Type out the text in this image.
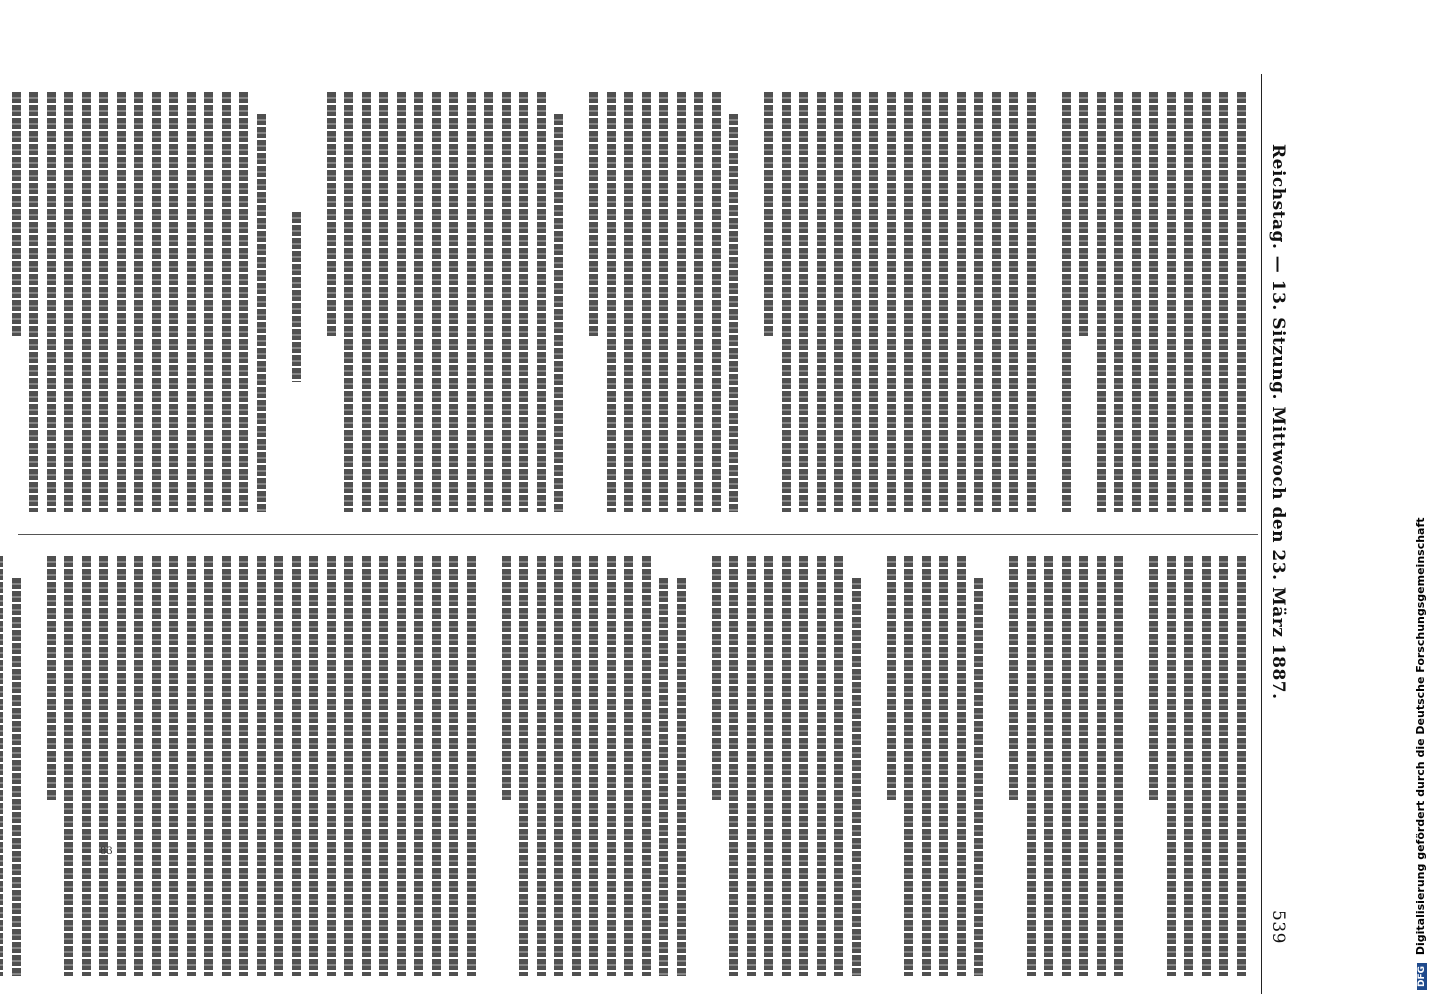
Reichstag. — 13. Sitzung. Mittwoch den 23. März 1887.
539
DFG Digitalisierung gefördert durch die Deutsche Forschungsgemeinschaft
83
